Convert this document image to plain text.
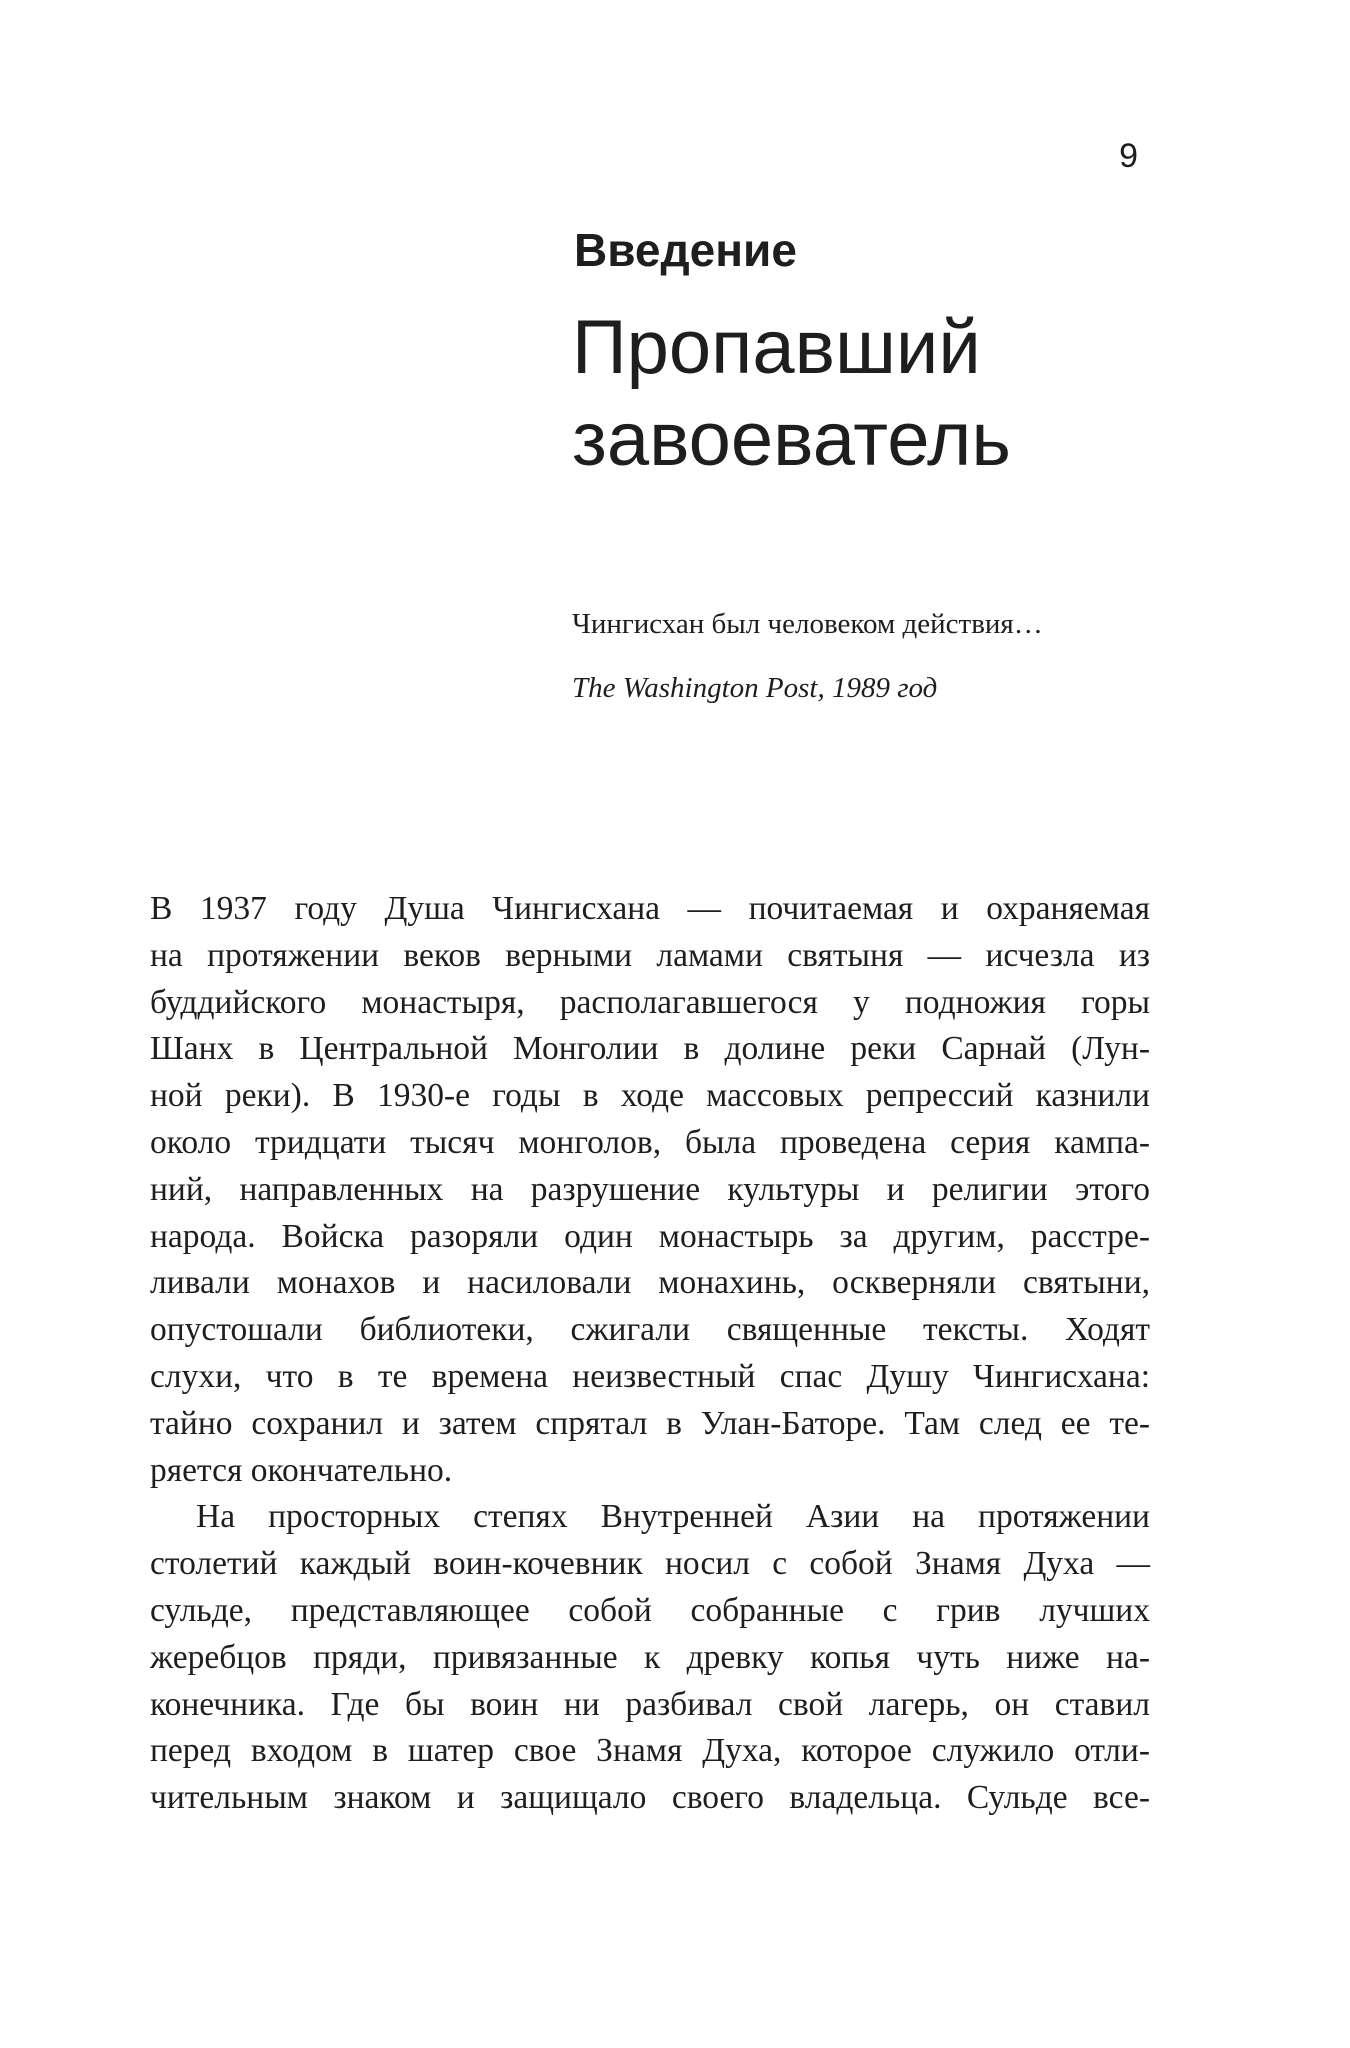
9
Введение
Пропавший
завоеватель
Чингисхан был человеком действия…
The Washington Post, 1989 год
В 1937 году Душа Чингисхана — почитаемая и охраняемая
на протяжении веков верными ламами святыня — исчезла из
буддийского монастыря, располагавшегося у подножия горы
Шанх в Центральной Монголии в долине реки Сарнай (Лун-
ной реки). В 1930-е годы в ходе массовых репрессий казнили
около тридцати тысяч монголов, была проведена серия кампа-
ний, направленных на разрушение культуры и религии этого
народа. Войска разоряли один монастырь за другим, расстре-
ливали монахов и насиловали монахинь, оскверняли святыни,
опустошали библиотеки, сжигали священные тексты. Ходят
слухи, что в те времена неизвестный спас Душу Чингисхана:
тайно сохранил и затем спрятал в Улан-Баторе. Там след ее те-
ряется окончательно.
На просторных степях Внутренней Азии на протяжении
столетий каждый воин-кочевник носил с собой Знамя Духа —
сульде, представляющее собой собранные с грив лучших
жеребцов пряди, привязанные к древку копья чуть ниже на-
конечника. Где бы воин ни разбивал свой лагерь, он ставил
перед входом в шатер свое Знамя Духа, которое служило отли-
чительным знаком и защищало своего владельца. Сульде все-
